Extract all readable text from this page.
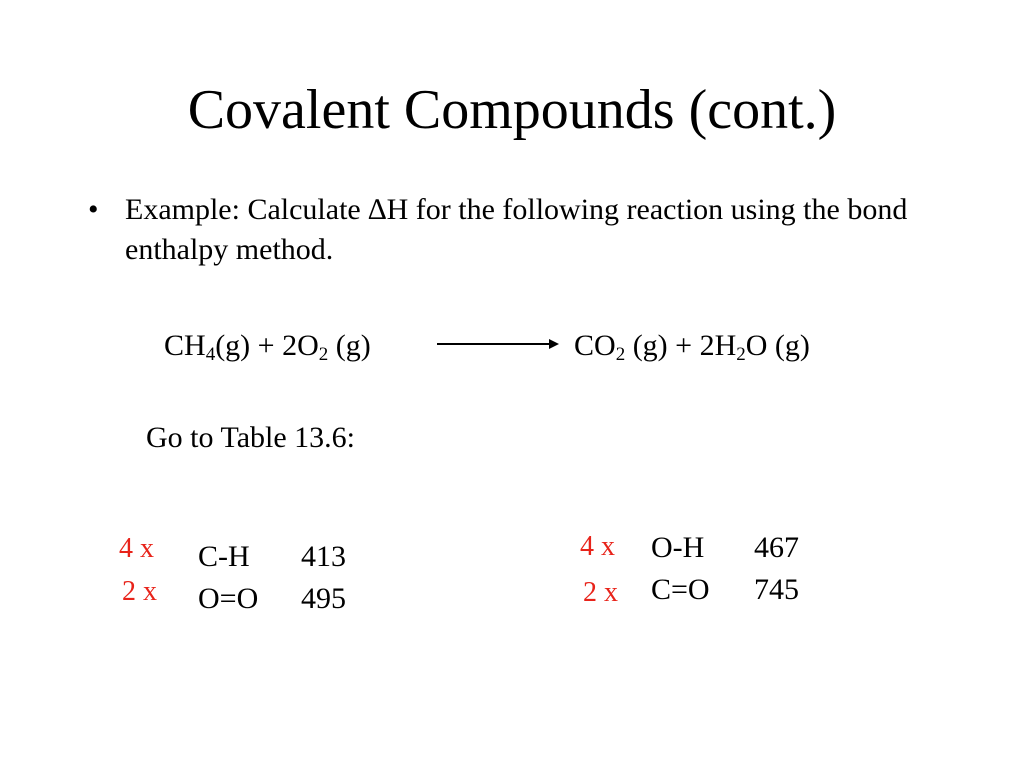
Covalent Compounds (cont.)
• Example: Calculate ∆H for the following reaction using the bond enthalpy method.
$CH_4(g) + 2O_2$ (g)	$CO_2$ $(g) + 2H_2O$ (g)
Go to Table 13.6:
4 x
2 x
C-H
O=O
413
495
4 x
2 x
O-H
C=O
467
745
